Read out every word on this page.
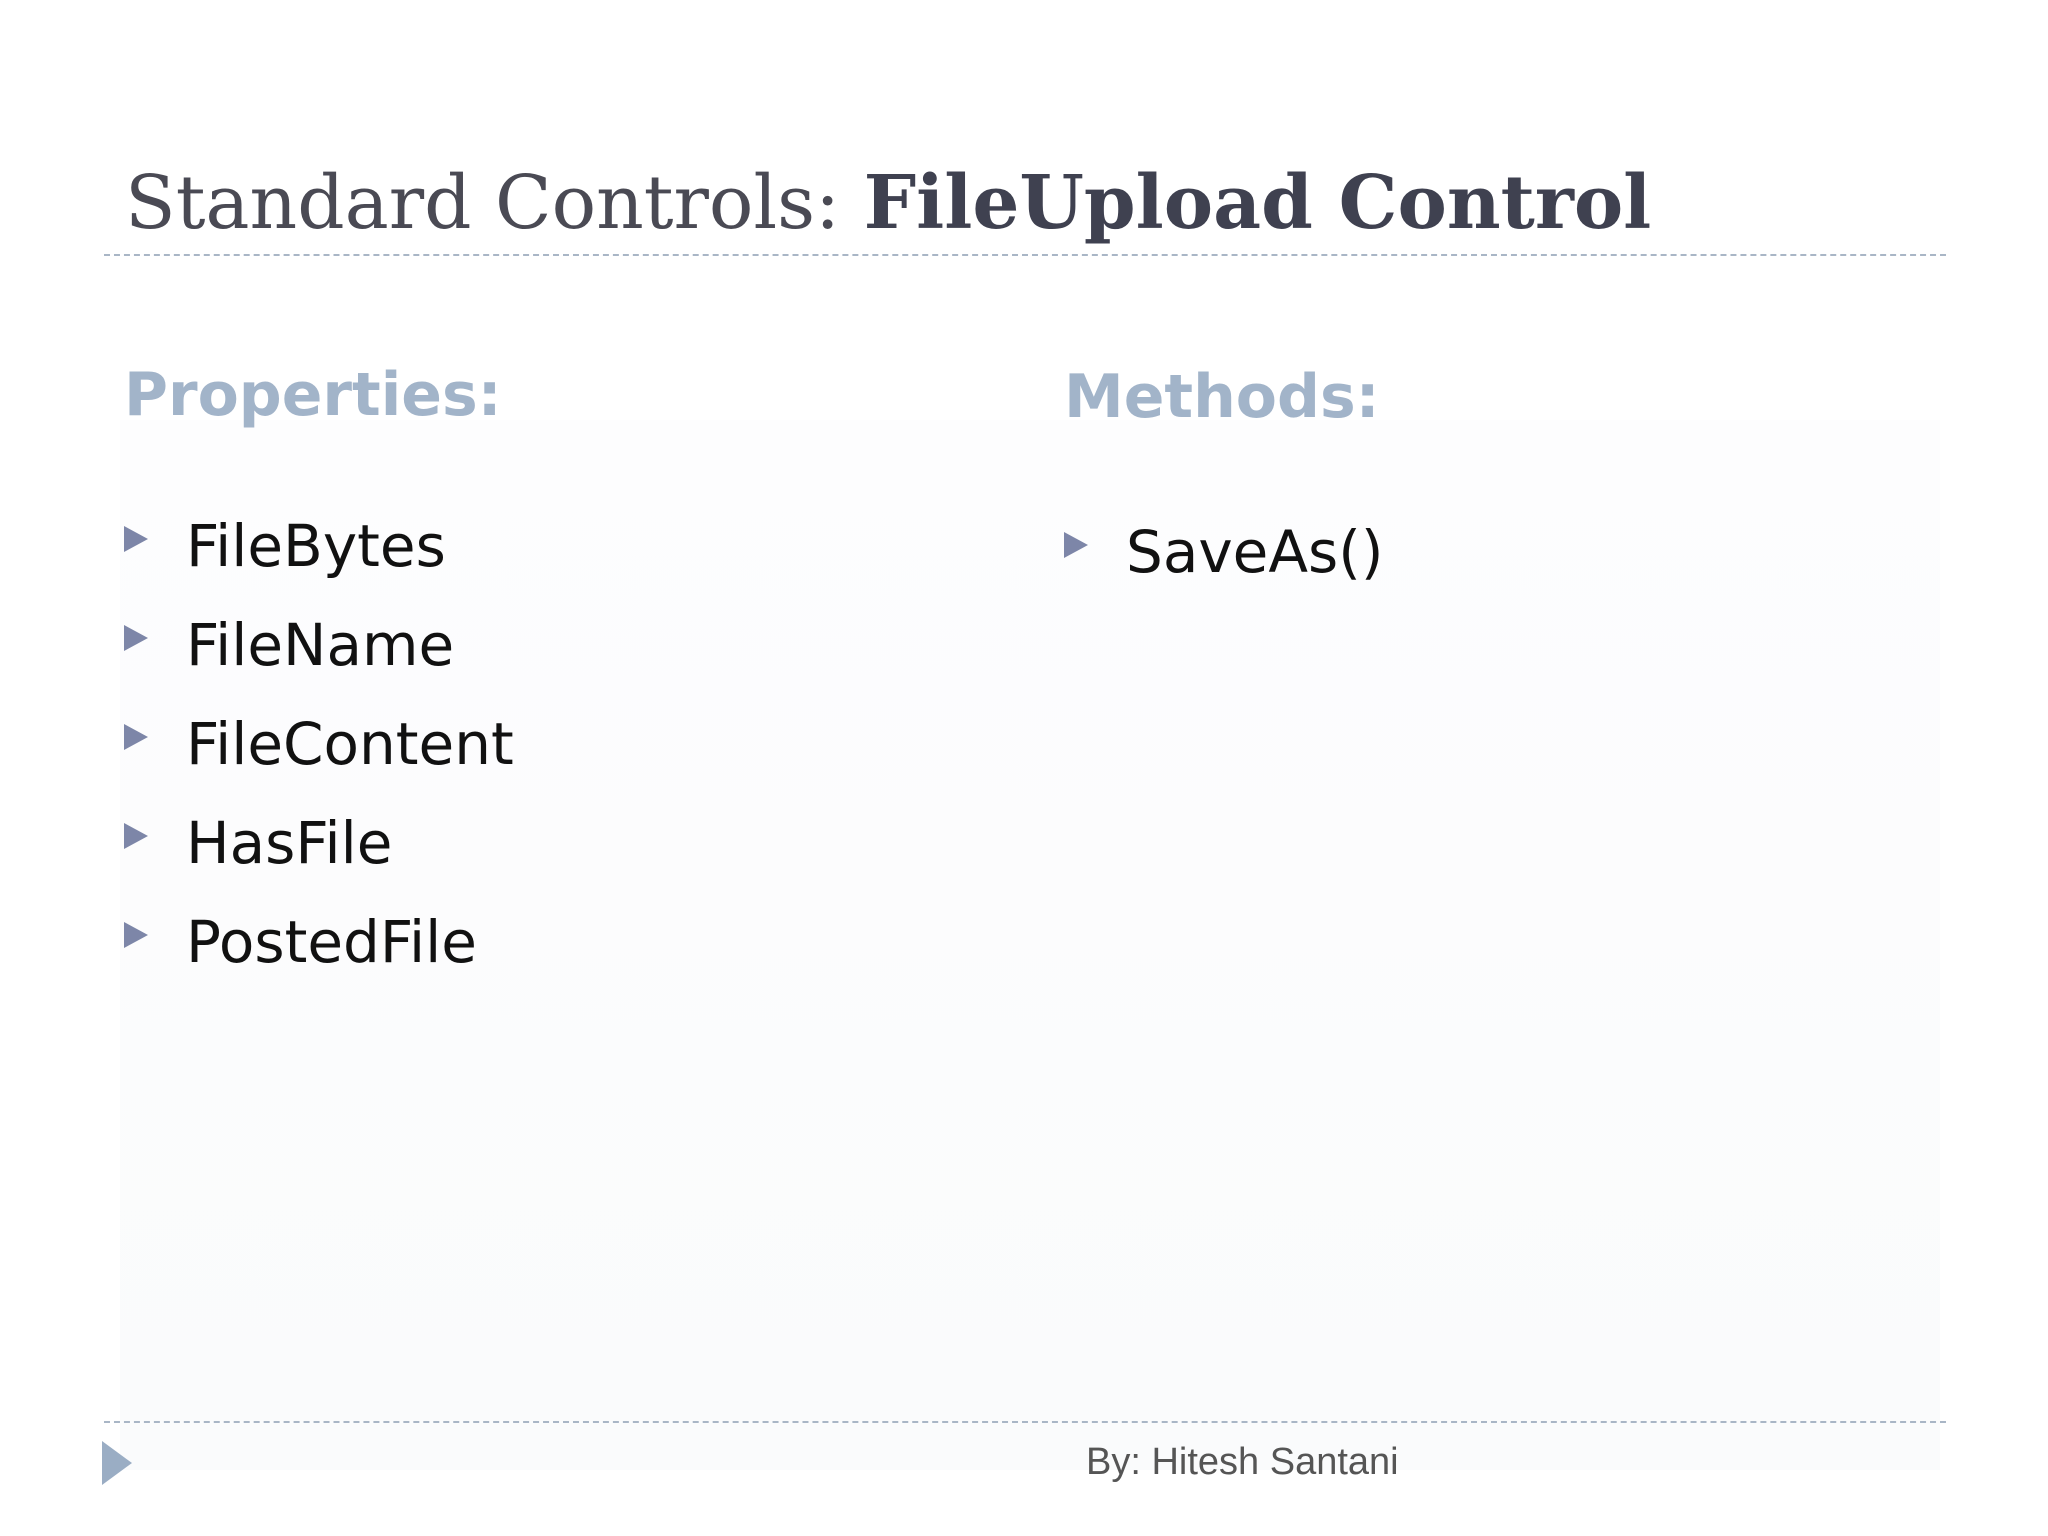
Standard Controls: FileUpload Control
Properties:	Methods:
FileBytes
FileName
FileContent
HasFile
PostedFile
SaveAs()
By: Hitesh Santani
